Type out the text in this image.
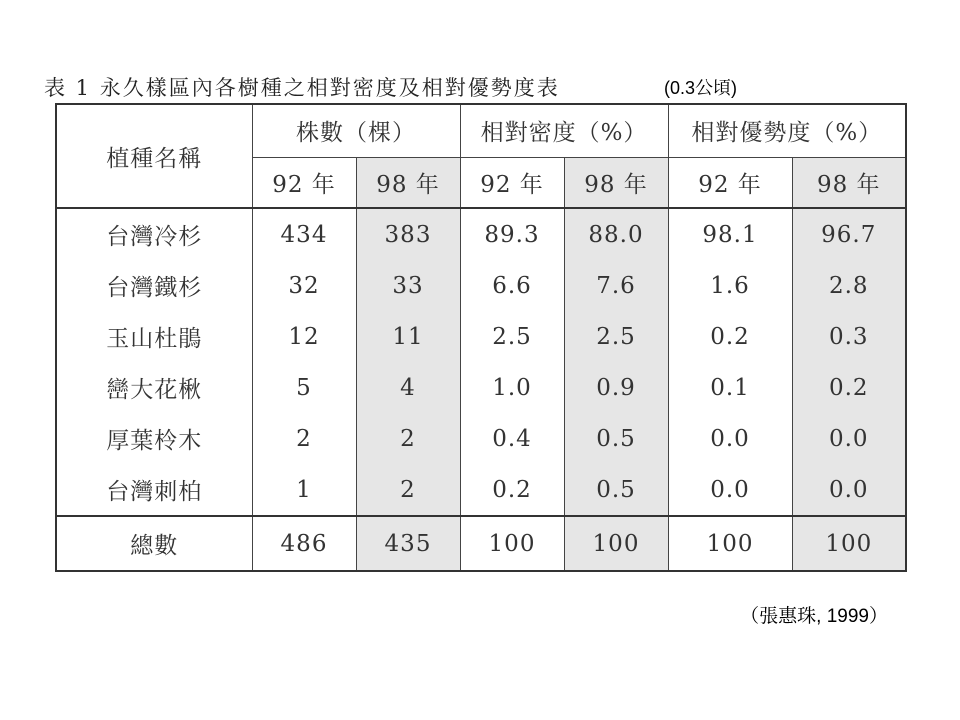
表 1 永久樣區內各樹種之相對密度及相對優勢度表	(0.3公頃)
植種名稱	株數（棵）		相對密度（%）		相對優勢度（%）	
	92 年	98 年	92 年	98 年	92 年	98 年
台灣冷杉	434	383	89.3	88.0	98.1	96.7
台灣鐵杉	32	33	6.6	7.6	1.6	2.8
玉山杜鵑	12	11	2.5	2.5	0.2	0.3
巒大花楸	5	4	1.0	0.9	0.1	0.2
厚葉柃木	2	2	0.4	0.5	0.0	0.0
台灣刺柏	1	2	0.2	0.5	0.0	0.0
總數	486	435	100	100	100	100
（張惠珠, 1999）
